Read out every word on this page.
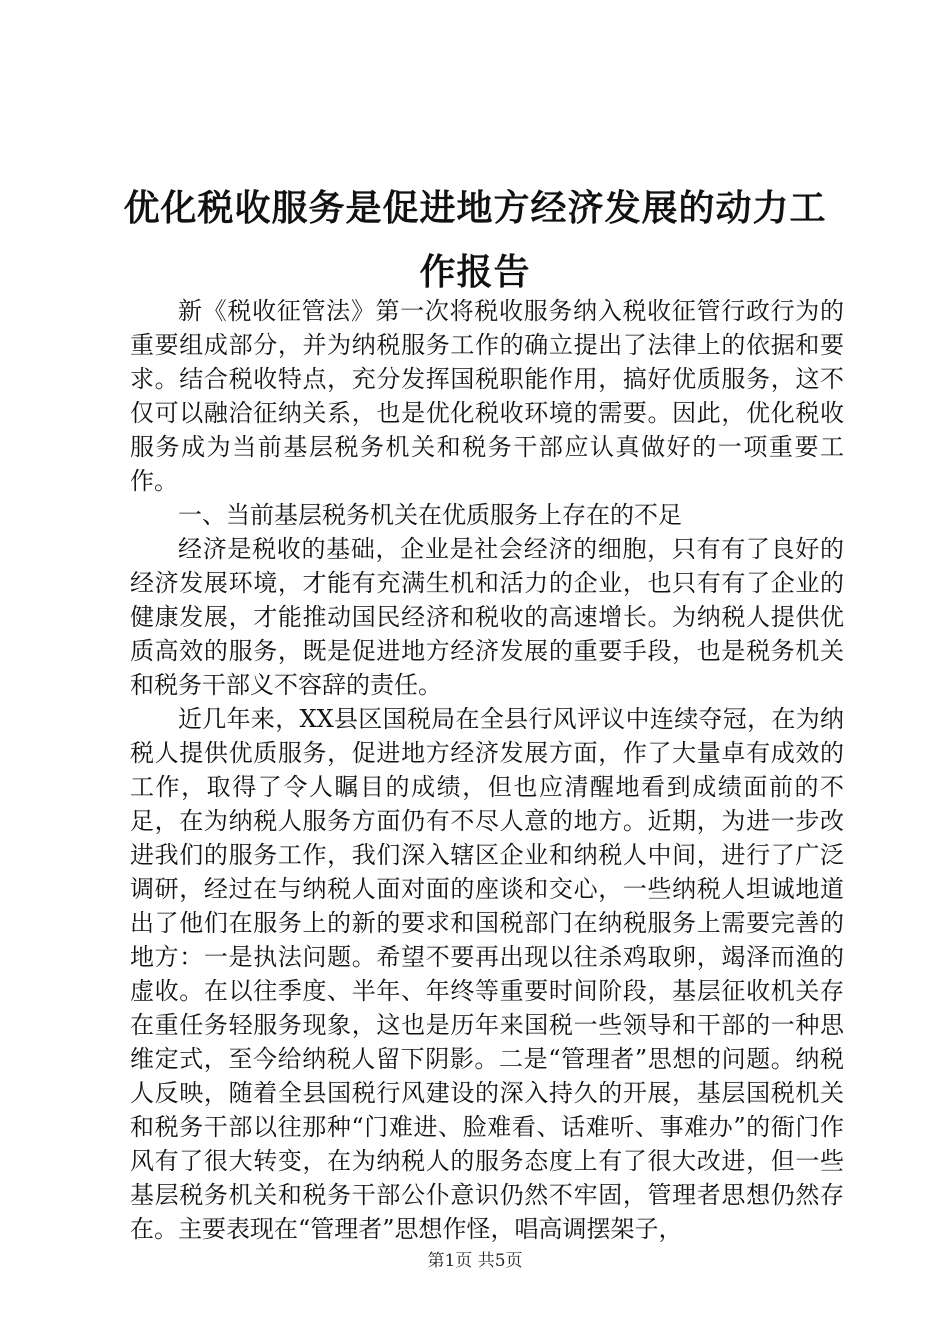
优化税收服务是促进地方经济发展的动力工作报告

新《税收征管法》第一次将税收服务纳入税收征管行政行为的重要组成部分，并为纳税服务工作的确立提出了法律上的依据和要求。结合税收特点，充分发挥国税职能作用，搞好优质服务，这不仅可以融洽征纳关系，也是优化税收环境的需要。因此，优化税收服务成为当前基层税务机关和税务干部应认真做好的一项重要工作。

一、当前基层税务机关在优质服务上存在的不足

经济是税收的基础，企业是社会经济的细胞，只有有了良好的经济发展环境，才能有充满生机和活力的企业，也只有有了企业的健康发展，才能推动国民经济和税收的高速增长。为纳税人提供优质高效的服务，既是促进地方经济发展的重要手段，也是税务机关和税务干部义不容辞的责任。

近几年来，XX县区国税局在全县行风评议中连续夺冠，在为纳税人提供优质服务，促进地方经济发展方面，作了大量卓有成效的工作，取得了令人瞩目的成绩，但也应清醒地看到成绩面前的不足，在为纳税人服务方面仍有不尽人意的地方。近期，为进一步改进我们的服务工作，我们深入辖区企业和纳税人中间，进行了广泛调研，经过在与纳税人面对面的座谈和交心，一些纳税人坦诚地道出了他们在服务上的新的要求和国税部门在纳税服务上需要完善的地方：一是执法问题。希望不要再出现以往杀鸡取卵，竭泽而渔的虚收。在以往季度、半年、年终等重要时间阶段，基层征收机关存在重任务轻服务现象，这也是历年来国税一些领导和干部的一种思维定式，至今给纳税人留下阴影。二是“管理者”思想的问题。纳税人反映，随着全县国税行风建设的深入持久的开展，基层国税机关和税务干部以往那种“门难进、脸难看、话难听、事难办”的衙门作风有了很大转变，在为纳税人的服务态度上有了很大改进，但一些基层税务机关和税务干部公仆意识仍然不牢固，管理者思想仍然存在。主要表现在“管理者”思想作怪，唱高调摆架子，

第1页 共5页
